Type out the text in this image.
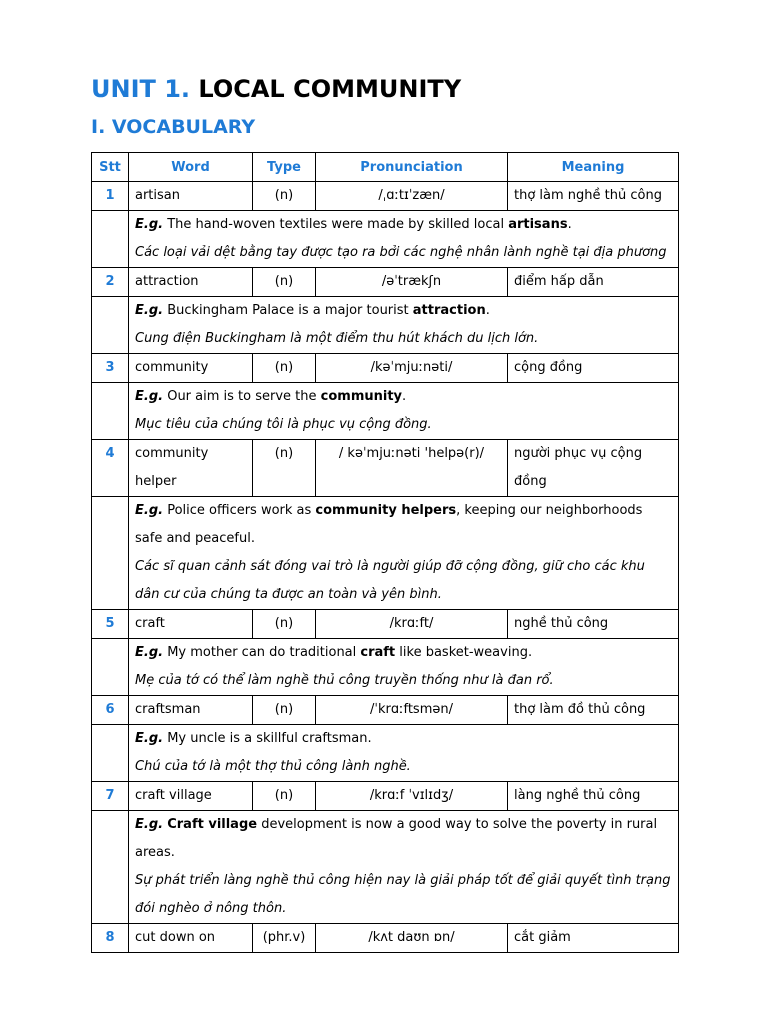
UNIT 1. LOCAL COMMUNITY
I. VOCABULARY
Stt	Word	Type	Pronunciation	Meaning
1	artisan	(n)	/ˌɑːtɪˈzæn/	thợ làm nghề thủ công

	E.g. The hand-woven textiles were made by skilled local artisans.
Các loại vải dệt bằng tay được tạo ra bởi các nghệ nhân lành nghề tại địa phương			

2	attraction	(n)	/əˈtrækʃn	điểm hấp dẫn

	E.g. Buckingham Palace is a major tourist attraction.
Cung điện Buckingham là một điểm thu hút khách du lịch lớn.			

3	community	(n)	/kəˈmjuːnəti/	cộng đồng

	E.g. Our aim is to serve the community.
Mục tiêu của chúng tôi là phục vụ cộng đồng.			

4	community helper	(n)	/ kəˈmjuːnəti 'helpə(r)/	người phục vụ cộng đồng

	E.g. Police officers work as community helpers, keeping our neighborhoods safe and peaceful.
Các sĩ quan cảnh sát đóng vai trò là người giúp đỡ cộng đồng, giữ cho các khu dân cư của chúng ta được an toàn và yên bình.			

5	craft	(n)	/krɑːft/	nghề thủ công

	E.g. My mother can do traditional craft like basket-weaving.
Mẹ của tớ có thể làm nghề thủ công truyền thống như là đan rổ.			

6	craftsman	(n)	/ˈkrɑːftsmən/	thợ làm đồ thủ công

	E.g. My uncle is a skillful craftsman.
Chú của tớ là một thợ thủ công lành nghề.			

7	craft village	(n)	/krɑːf ˈvɪlɪdʒ/	làng nghề thủ công

	E.g. Craft village development is now a good way to solve the poverty in rural areas.
Sự phát triển làng nghề thủ công hiện nay là giải pháp tốt để giải quyết tình trạng đói nghèo ở nông thôn.			

8	cut down on	(phr.v)	/kʌt daʊn ɒn/	cắt giảm
